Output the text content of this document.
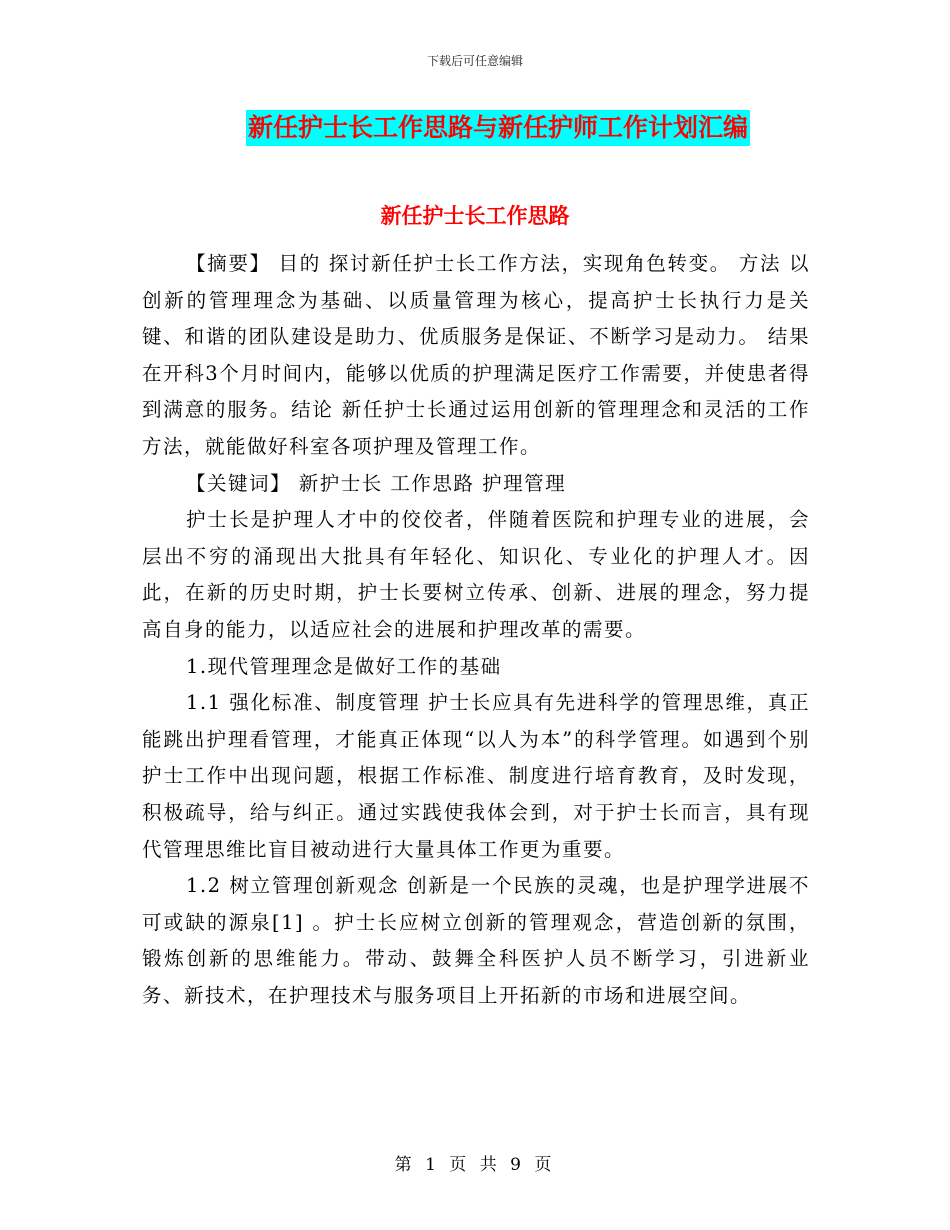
下载后可任意编辑
新任护士长工作思路与新任护师工作计划汇编
新任护士长工作思路

【摘要】 目的 探讨新任护士长工作方法，实现角色转变。 方法 以创新的管理理念为基础、以质量管理为核心，提高护士长执行力是关键、和谐的团队建设是助力、优质服务是保证、不断学习是动力。 结果 在开科3个月时间内，能够以优质的护理满足医疗工作需要，并使患者得到满意的服务。结论 新任护士长通过运用创新的管理理念和灵活的工作方法，就能做好科室各项护理及管理工作。

【关键词】 新护士长 工作思路 护理管理

护士长是护理人才中的佼佼者，伴随着医院和护理专业的进展，会层出不穷的涌现出大批具有年轻化、知识化、专业化的护理人才。因此，在新的历史时期，护士长要树立传承、创新、进展的理念，努力提高自身的能力，以适应社会的进展和护理改革的需要。

1.现代管理理念是做好工作的基础

1.1 强化标准、制度管理 护士长应具有先进科学的管理思维，真正能跳出护理看管理，才能真正体现“以人为本”的科学管理。如遇到个别护士工作中出现问题，根据工作标准、制度进行培育教育，及时发现，积极疏导，给与纠正。通过实践使我体会到，对于护士长而言，具有现代管理思维比盲目被动进行大量具体工作更为重要。

1.2 树立管理创新观念 创新是一个民族的灵魂，也是护理学进展不可或缺的源泉[1] 。护士长应树立创新的管理观念，营造创新的氛围，锻炼创新的思维能力。带动、鼓舞全科医护人员不断学习，引进新业务、新技术，在护理技术与服务项目上开拓新的市场和进展空间。

第 1 页 共 9 页
